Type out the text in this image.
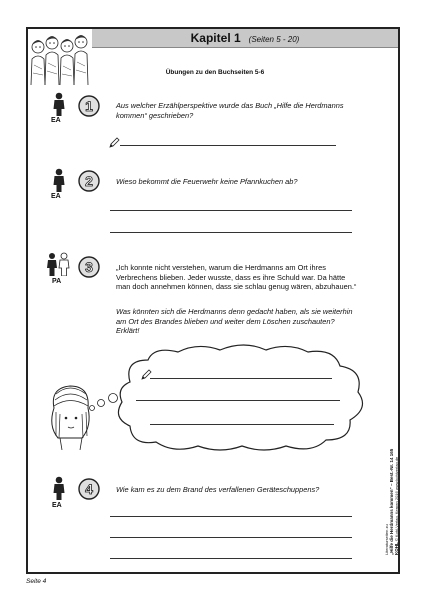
Kapitel 1 (Seiten 5 - 20)
Übungen zu den Buchseiten 5-6
EA
1	Aus welcher Erzählperspektive wurde das Buch „Hilfe die Herdmanns kommen“ geschrieben?
EA
2	Wieso bekommt die Feuerwehr keine Pfannkuchen ab?
PA
3	„Ich konnte nicht verstehen, warum die Herdmanns am Ort ihres Verbrechens blieben. Jeder wusste, dass es ihre Schuld war. Da hätte man doch annehmen können, dass sie schlau genug wären, abzuhauen.“
Was könnten sich die Herdmanns denn gedacht haben, als sie weiterhin am Ort des Brandes blieben und weiter dem Löschen zuschauten? Erklärt!
EA
4	Wie kam es zu dem Brand des verfallenen Geräteschuppens?
Literaturseiten zu „Hilfe die Herdmanns kommen“ – Best.-Nr. 14 165 KOHL © Kohl-Verlag, Kerpen 2016 www.kohlverlag.de
Seite 4
